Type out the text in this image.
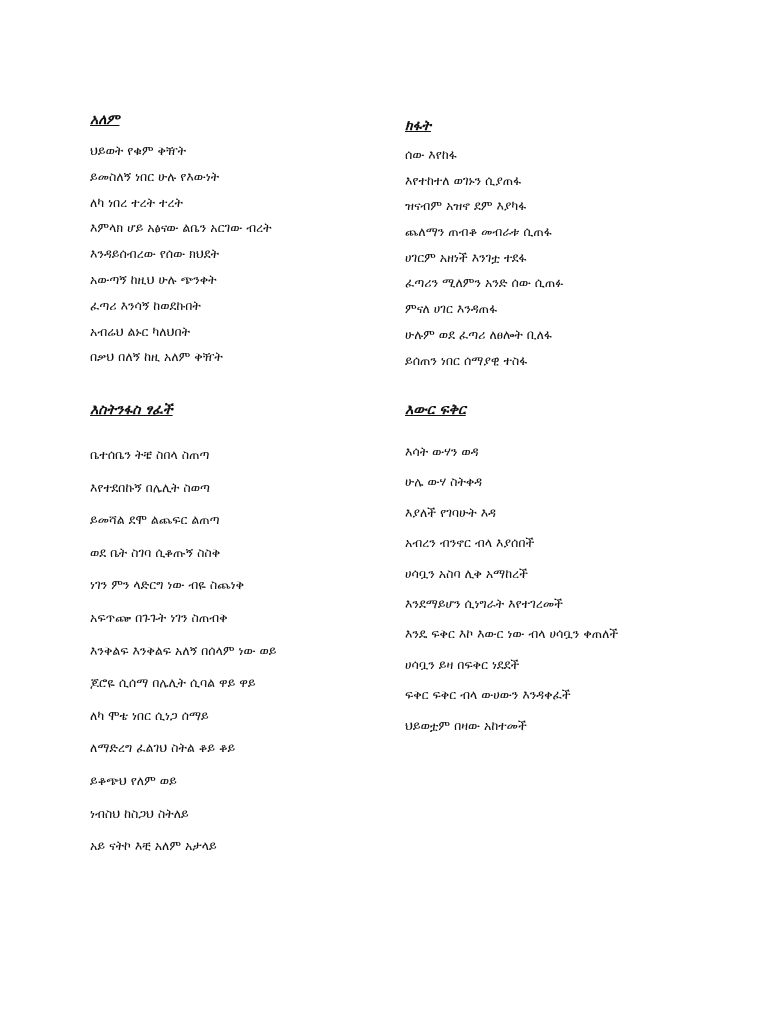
አለም
ህይወት የቁም ቅዥት
ይመስለኝ ነበር ሁሉ የእውነት
ለካ ነበረ ተረት ተረት
እምላክ ሆይ አፅናው ልቤን አርገው ብረት
እንዳይሰብረው የሰው ክህደት
አውጣኝ ከዚህ ሁሉ ጭንቀት
ፈጣሪ እንሳኝ ከወደኩበት
አብሬህ ልኑር ካለህበት
በቃህ በለኝ ከዚ አለም ቅዥት
ክፋት
ሰው እየከፋ
እየተከተለ ወገኑን ሲያጠፋ
ዝናብም አዝኖ ደም እያካፋ
ጨለማን ጠብቆ መብራቱ ሲጠፋ
ሀገርም አዘነች እንገቷ ተደፋ
ፈጣሪን ሚለምን አንድ ሰው ሲጠፉ
ምናለ ሀገር እንዳጠፋ
ሁሉም ወደ ፈጣሪ ለፀሎት ቢለፋ
ይሰጠን ነበር ሰማያዊ ተስፋ
እስትንፋስ ፃፈች
ቤተሰቤን ትቼ ስበላ ስጠጣ
እየተደበኩኝ በሌሊት ስወጣ
ይመሻል ደሞ ልጨፍር ልጠጣ
ወደ ቤት ስገባ ሲቆጡኝ ስስቅ
ነገን ምን ላድርግ ነው ብዬ ስጨነቅ
አፍጥጬ በጉጉት ነገን ስጠብቅ
እንቅልፍ እንቅልፍ አለኝ በሰላም ነው ወይ
ጆሮዬ ሲሰማ በሌሊት ሲባል ዋይ ዋይ
ለካ ሞቴ ነበር ሲነጋ ሰማይ
ለማድረግ ፈልገህ ስትል ቆይ ቆይ
ይቆጭህ የለም ወይ
ነብስህ ከስጋህ ስትለይ
አይ ናትኮ እቺ አለም አታላይ
እውር ፍቅር
እሳት ውሃን ወዳ
ሁሌ ውሃ ስትቀዳ
እያለች የገባሁት እዳ
አብረን ብንኖር ብላ እያሰበች
ሀሳቧን አስባ ሊቅ አማከረች
እንደማይሆን ሲነግራት እየተገረመች
እንዴ ፍቅር እኮ እውር ነው ብላ ሀሳቧን ቀጠለች
ሀሳቧን ይዛ በፍቅር ነደደች
ፍቅር ፍቅር ብላ ውሀውን እንዳቀፈች
ህይወቷም በዛው አከተመች
